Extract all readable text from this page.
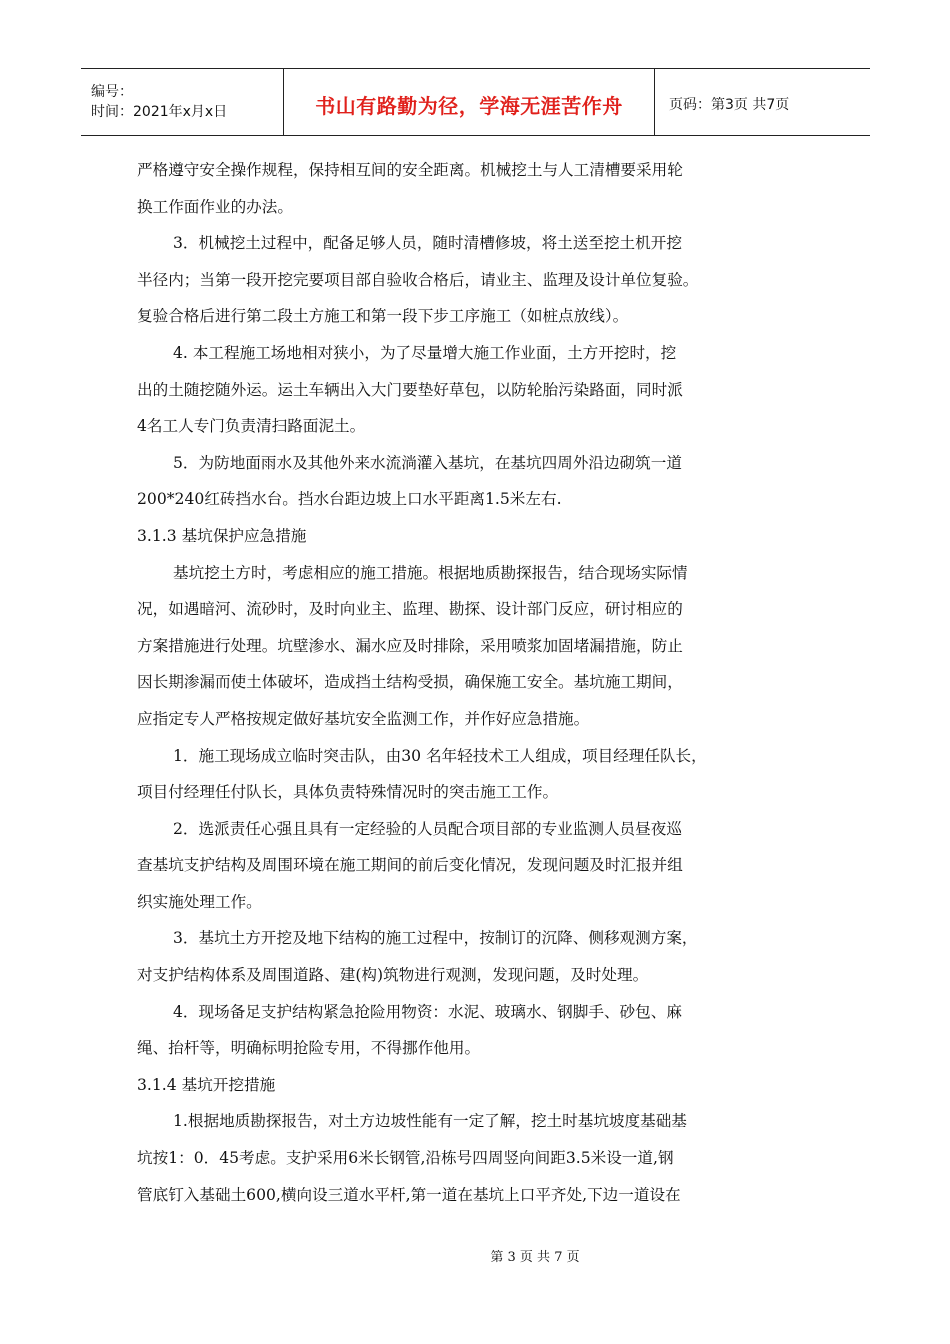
编号：
时间：2021年x月x日	书山有路勤为径，学海无涯苦作舟	页码：第3页 共7页
严格遵守安全操作规程，保持相互间的安全距离。机械挖土与人工清槽要采用轮
换工作面作业的办法。
3．机械挖土过程中，配备足够人员，随时清槽修坡，将土送至挖土机开挖
半径内；当第一段开挖完要项目部自验收合格后，请业主、监理及设计单位复验。
复验合格后进行第二段土方施工和第一段下步工序施工（如桩点放线）。
4. 本工程施工场地相对狭小，为了尽量增大施工作业面，土方开挖时，挖
出的土随挖随外运。运土车辆出入大门要垫好草包，以防轮胎污染路面，同时派
4名工人专门负责清扫路面泥土。
5．为防地面雨水及其他外来水流淌灌入基坑，在基坑四周外沿边砌筑一道
200*240红砖挡水台。挡水台距边坡上口水平距离1.5米左右.
3.1.3 基坑保护应急措施
基坑挖土方时，考虑相应的施工措施。根据地质勘探报告，结合现场实际情
况，如遇暗河、流砂时，及时向业主、监理、勘探、设计部门反应，研讨相应的
方案措施进行处理。坑壁渗水、漏水应及时排除，采用喷浆加固堵漏措施，防止
因长期渗漏而使土体破坏，造成挡土结构受损，确保施工安全。基坑施工期间，
应指定专人严格按规定做好基坑安全监测工作，并作好应急措施。
1．施工现场成立临时突击队，由30 名年轻技术工人组成，项目经理任队长，
项目付经理任付队长，具体负责特殊情况时的突击施工工作。
2．选派责任心强且具有一定经验的人员配合项目部的专业监测人员昼夜巡
查基坑支护结构及周围环境在施工期间的前后变化情况，发现问题及时汇报并组
织实施处理工作。
3．基坑土方开挖及地下结构的施工过程中，按制订的沉降、侧移观测方案，
对支护结构体系及周围道路、建(构)筑物进行观测，发现问题，及时处理。
4．现场备足支护结构紧急抢险用物资：水泥、玻璃水、钢脚手、砂包、麻
绳、抬杆等，明确标明抢险专用，不得挪作他用。
3.1.4 基坑开挖措施
1.根据地质勘探报告，对土方边坡性能有一定了解，挖土时基坑坡度基础基
坑按1：0．45考虑。支护采用6米长钢管,沿栋号四周竖向间距3.5米设一道,钢
管底钉入基础土600,横向设三道水平杆,第一道在基坑上口平齐处,下边一道设在
第 3 页 共 7 页
